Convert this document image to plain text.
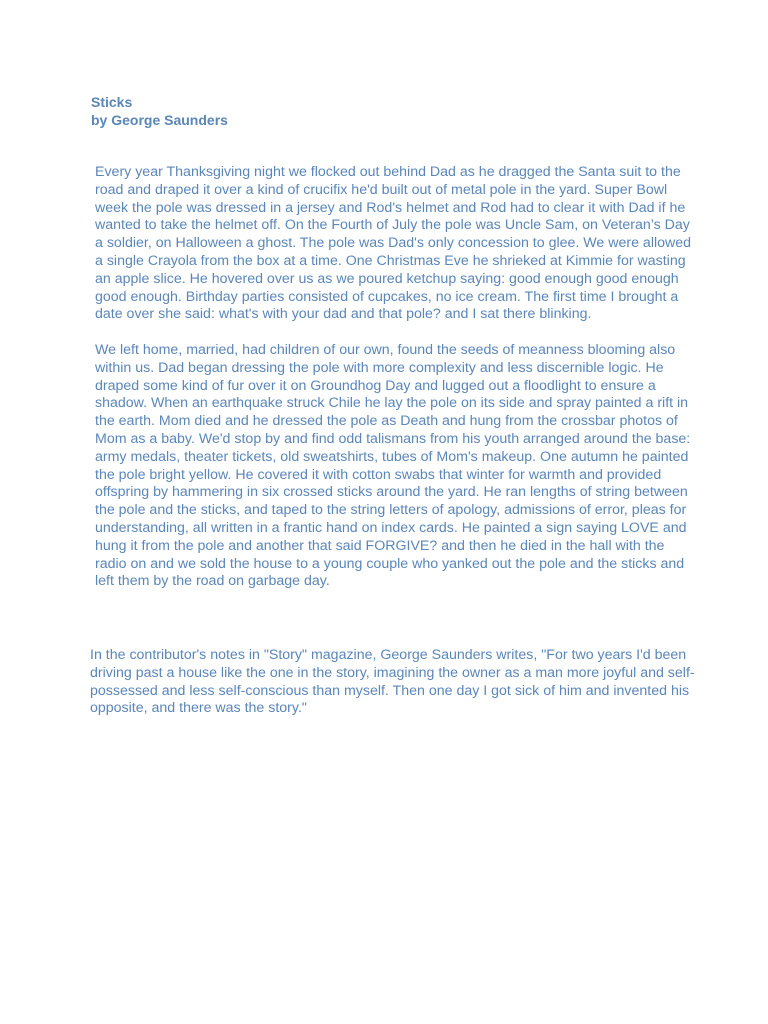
Sticks
by George Saunders

Every year Thanksgiving night we flocked out behind Dad as he dragged the Santa suit to the road and draped it over a kind of crucifix he'd built out of metal pole in the yard. Super Bowl week the pole was dressed in a jersey and Rod's helmet and Rod had to clear it with Dad if he wanted to take the helmet off. On the Fourth of July the pole was Uncle Sam, on Veteran’s Day a soldier, on Halloween a ghost. The pole was Dad's only concession to glee. We were allowed a single Crayola from the box at a time. One Christmas Eve he shrieked at Kimmie for wasting an apple slice. He hovered over us as we poured ketchup saying: good enough good enough good enough. Birthday parties consisted of cupcakes, no ice cream. The first time I brought a date over she said: what's with your dad and that pole? and I sat there blinking.

We left home, married, had children of our own, found the seeds of meanness blooming also within us. Dad began dressing the pole with more complexity and less discernible logic. He draped some kind of fur over it on Groundhog Day and lugged out a floodlight to ensure a shadow. When an earthquake struck Chile he lay the pole on its side and spray painted a rift in the earth. Mom died and he dressed the pole as Death and hung from the crossbar photos of Mom as a baby. We'd stop by and find odd talismans from his youth arranged around the base: army medals, theater tickets, old sweatshirts, tubes of Mom's makeup. One autumn he painted the pole bright yellow. He covered it with cotton swabs that winter for warmth and provided offspring by hammering in six crossed sticks around the yard. He ran lengths of string between the pole and the sticks, and taped to the string letters of apology, admissions of error, pleas for understanding, all written in a frantic hand on index cards. He painted a sign saying LOVE and hung it from the pole and another that said FORGIVE? and then he died in the hall with the radio on and we sold the house to a young couple who yanked out the pole and the sticks and left them by the road on garbage day.

In the contributor's notes in "Story" magazine, George Saunders writes, "For two years I'd been driving past a house like the one in the story, imagining the owner as a man more joyful and self-possessed and less self-conscious than myself. Then one day I got sick of him and invented his opposite, and there was the story."
